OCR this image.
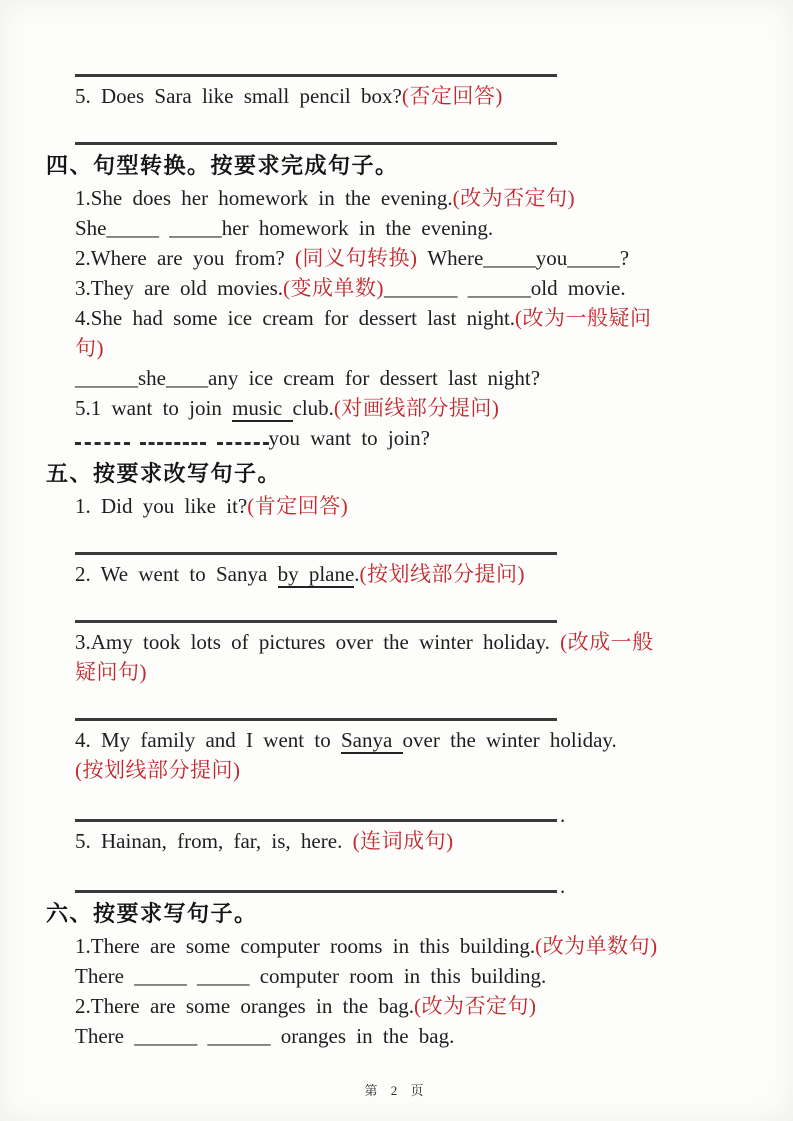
5. Does Sara like small pencil box?(否定回答)
四、句型转换。按要求完成句子。
1.She does her homework in the evening.(改为否定句)
She_____ _____her homework in the evening.
2.Where are you from? (同义句转换) Where_____you_____?
3.They are old movies.(变成单数)_______ ______old movie.
4.She had some ice cream for dessert last night.(改为一般疑问
句)
______she____any ice cream for dessert last night?
5.1 want to join music club.(对画线部分提问)
you want to join?
五、按要求改写句子。
1. Did you like it?(肯定回答)
2. We went to Sanya by plane.(按划线部分提问)
3.Amy took lots of pictures over the winter holiday. (改成一般
疑问句)
4. My family and I went to Sanya over the winter holiday.
(按划线部分提问)
.
5. Hainan, from, far, is, here. (连词成句)
.
六、按要求写句子。
1.There are some computer rooms in this building.(改为单数句)
There _____ _____ computer room in this building.
2.There are some oranges in the bag.(改为否定句)
There ______ ______ oranges in the bag.
第 2 页
